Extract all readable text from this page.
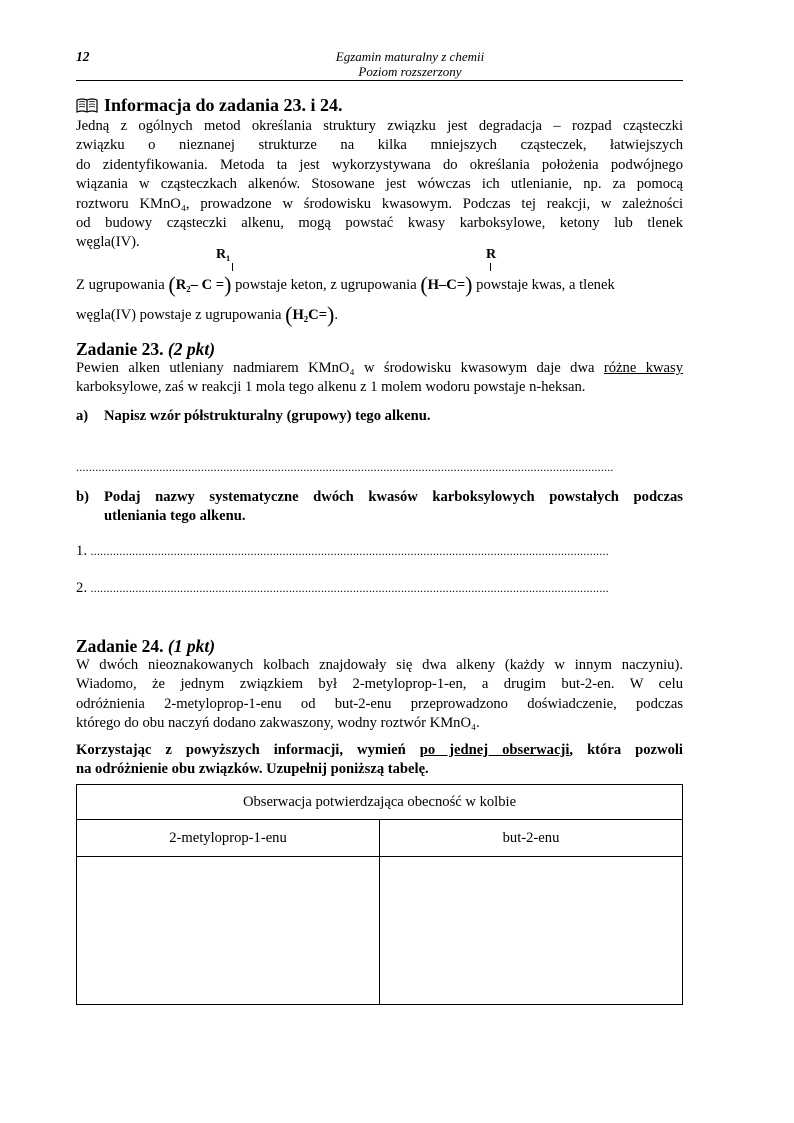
12	Egzamin maturalny z chemii
Poziom rozszerzony
Informacja do zadania 23. i 24.
Jedną z ogólnych metod określania struktury związku jest degradacja – rozpad cząsteczki
związku o nieznanej strukturze na kilka mniejszych cząsteczek, łatwiejszych
do zidentyfikowania. Metoda ta jest wykorzystywana do określania położenia podwójnego
wiązania w cząsteczkach alkenów. Stosowane jest wówczas ich utlenianie, np. za pomocą
roztworu KMnO₄, prowadzone w środowisku kwasowym. Podczas tej reakcji, w zależności
od budowy cząsteczki alkenu, mogą powstać kwasy karboksylowe, ketony lub tlenek
węgla(IV).
R₁	R
Z ugrupowania (R₂– C =) powstaje keton, z ugrupowania (H–C=) powstaje kwas, a tlenek
węgla(IV) powstaje z ugrupowania (H₂C=).
Zadanie 23. (2 pkt)
Pewien alken utleniany nadmiarem KMnO₄ w środowisku kwasowym daje dwa różne kwasy
karboksylowe, zaś w reakcji 1 mola tego alkenu z 1 molem wodoru powstaje n-heksan.
a) Napisz wzór półstrukturalny (grupowy) tego alkenu.
........................................................................................................................................................................
b)	Podaj nazwy systematyczne dwóch kwasów karboksylowych powstałych podczas
utleniania tego alkenu.
1. ..................................................................................................................................................................
2. ..................................................................................................................................................................
Zadanie 24. (1 pkt)
W dwóch nieoznakowanych kolbach znajdowały się dwa alkeny (każdy w innym naczyniu).
Wiadomo, że jednym związkiem był 2-metyloprop-1-en, a drugim but-2-en. W celu
odróżnienia 2-metyloprop-1-enu od but-2-enu przeprowadzono doświadczenie, podczas
którego do obu naczyń dodano zakwaszony, wodny roztwór KMnO₄.
Korzystając z powyższych informacji, wymień po jednej obserwacji, która pozwoli
na odróżnienie obu związków. Uzupełnij poniższą tabelę.
Obserwacja potwierdzająca obecność w kolbie	
2-metyloprop-1-enu	but-2-enu
